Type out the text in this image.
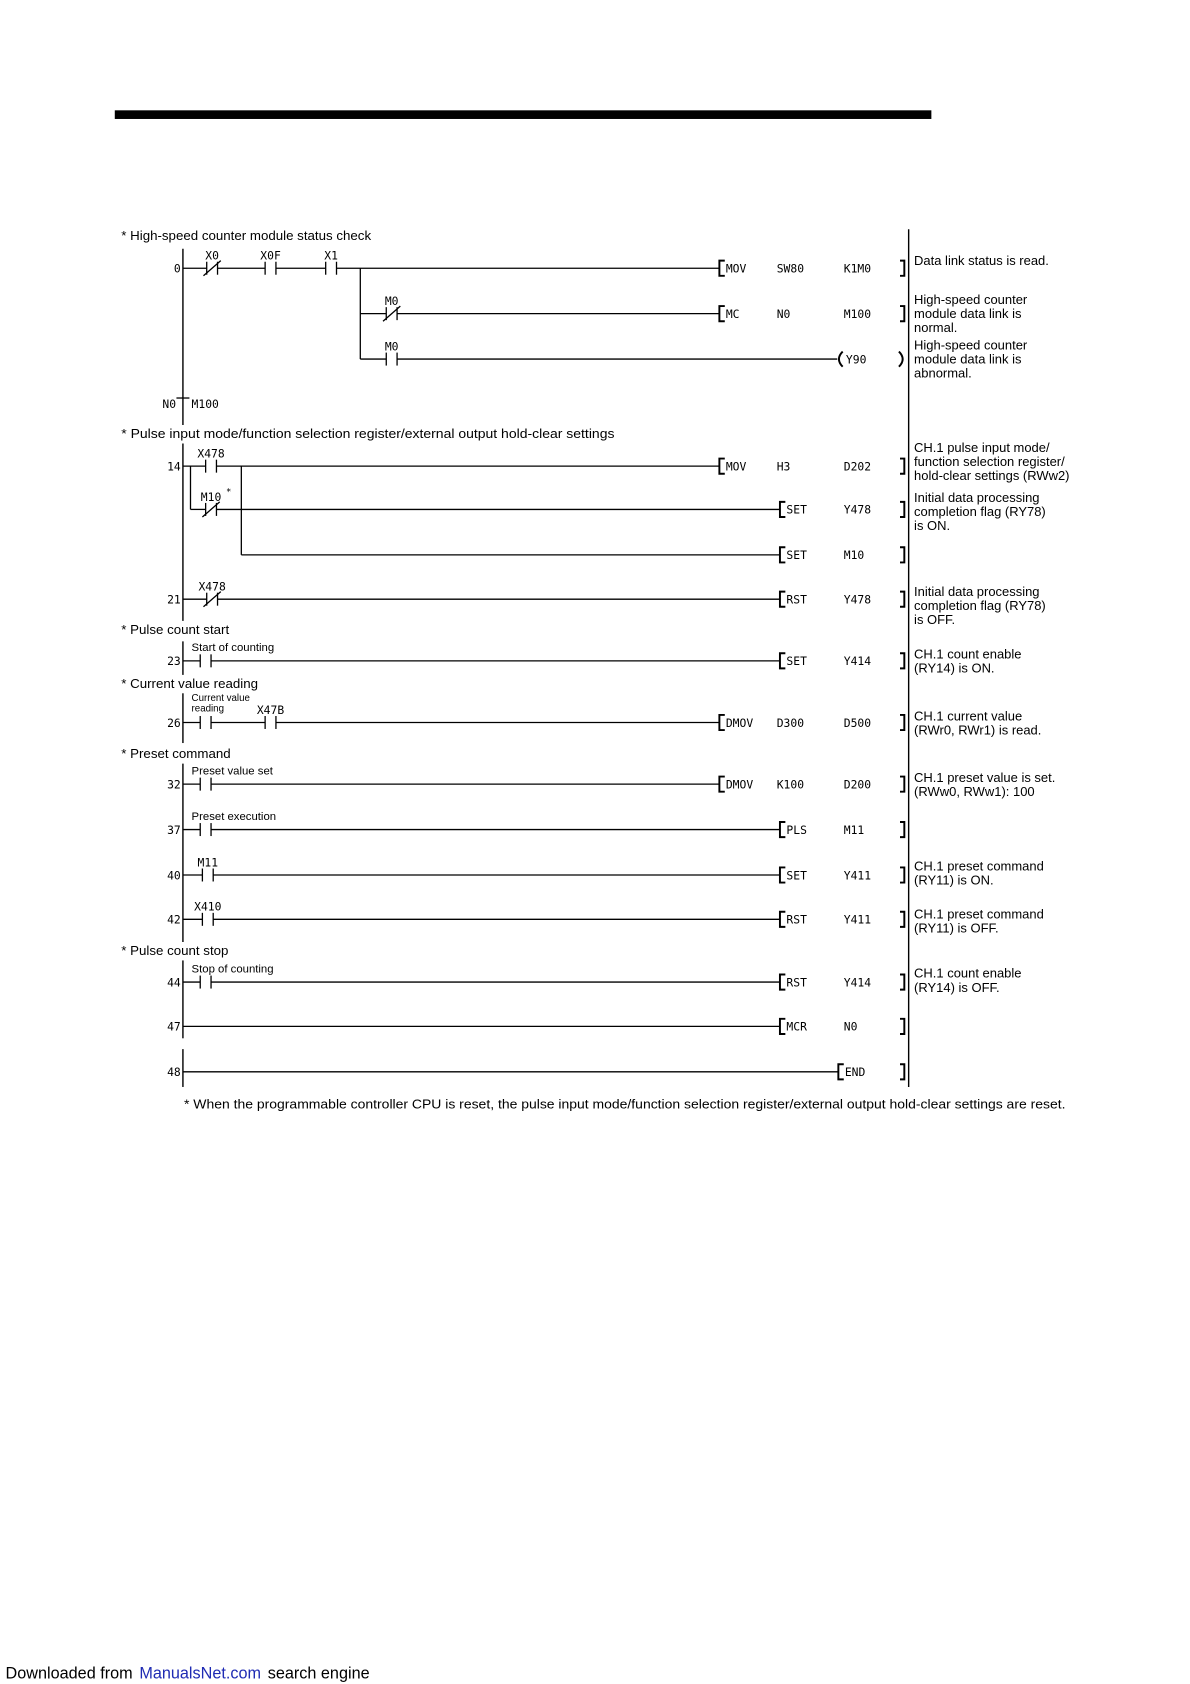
* High-speed counter module status check
* Pulse input mode/function selection register/external output hold-clear settings
* Pulse count start
* Current value reading
* Preset command
* Pulse count stop
N0 M100
0
X0	X0F	X1
MOV	SW80	K1M0
Data link status is read.
M0
MC	N0	M100
High-speed counter
module data link is
normal.
M0
Y90
High-speed counter
module data link is
abnormal.
14
X478
MOV	H3	D202
CH.1 pulse input mode/
function selection register/
hold-clear settings (RWw2)
M10 *
SET	Y478
Initial data processing
completion flag (RY78)
is ON.
SET	M10
21
X478
RST	Y478
Initial data processing
completion flag (RY78)
is OFF.
23
Start of counting
SET	Y414	CH.1 count enable
(RY14) is ON.
26
Current value
reading	X47B
DMOV D300	D500	CH.1 current value
(RWr0, RWr1) is read.
32
Preset value set
DMOV K100	D200	CH.1 preset value is set.
(RWw0, RWw1): 100
37
Preset execution
PLS	M11
40
M11
SET	Y411
CH.1 preset command
(RY11) is ON.
42
X410
RST	Y411	CH.1 preset command
(RY11) is OFF.
44
Stop of counting
RST	Y414
CH.1 count enable
(RY14) is OFF.
47	MCR	N0
48	END
* When the programmable controller CPU is reset, the pulse input mode/function selection register/external output hold-clear settings are reset.
Downloaded from ManualsNet.com search engine
